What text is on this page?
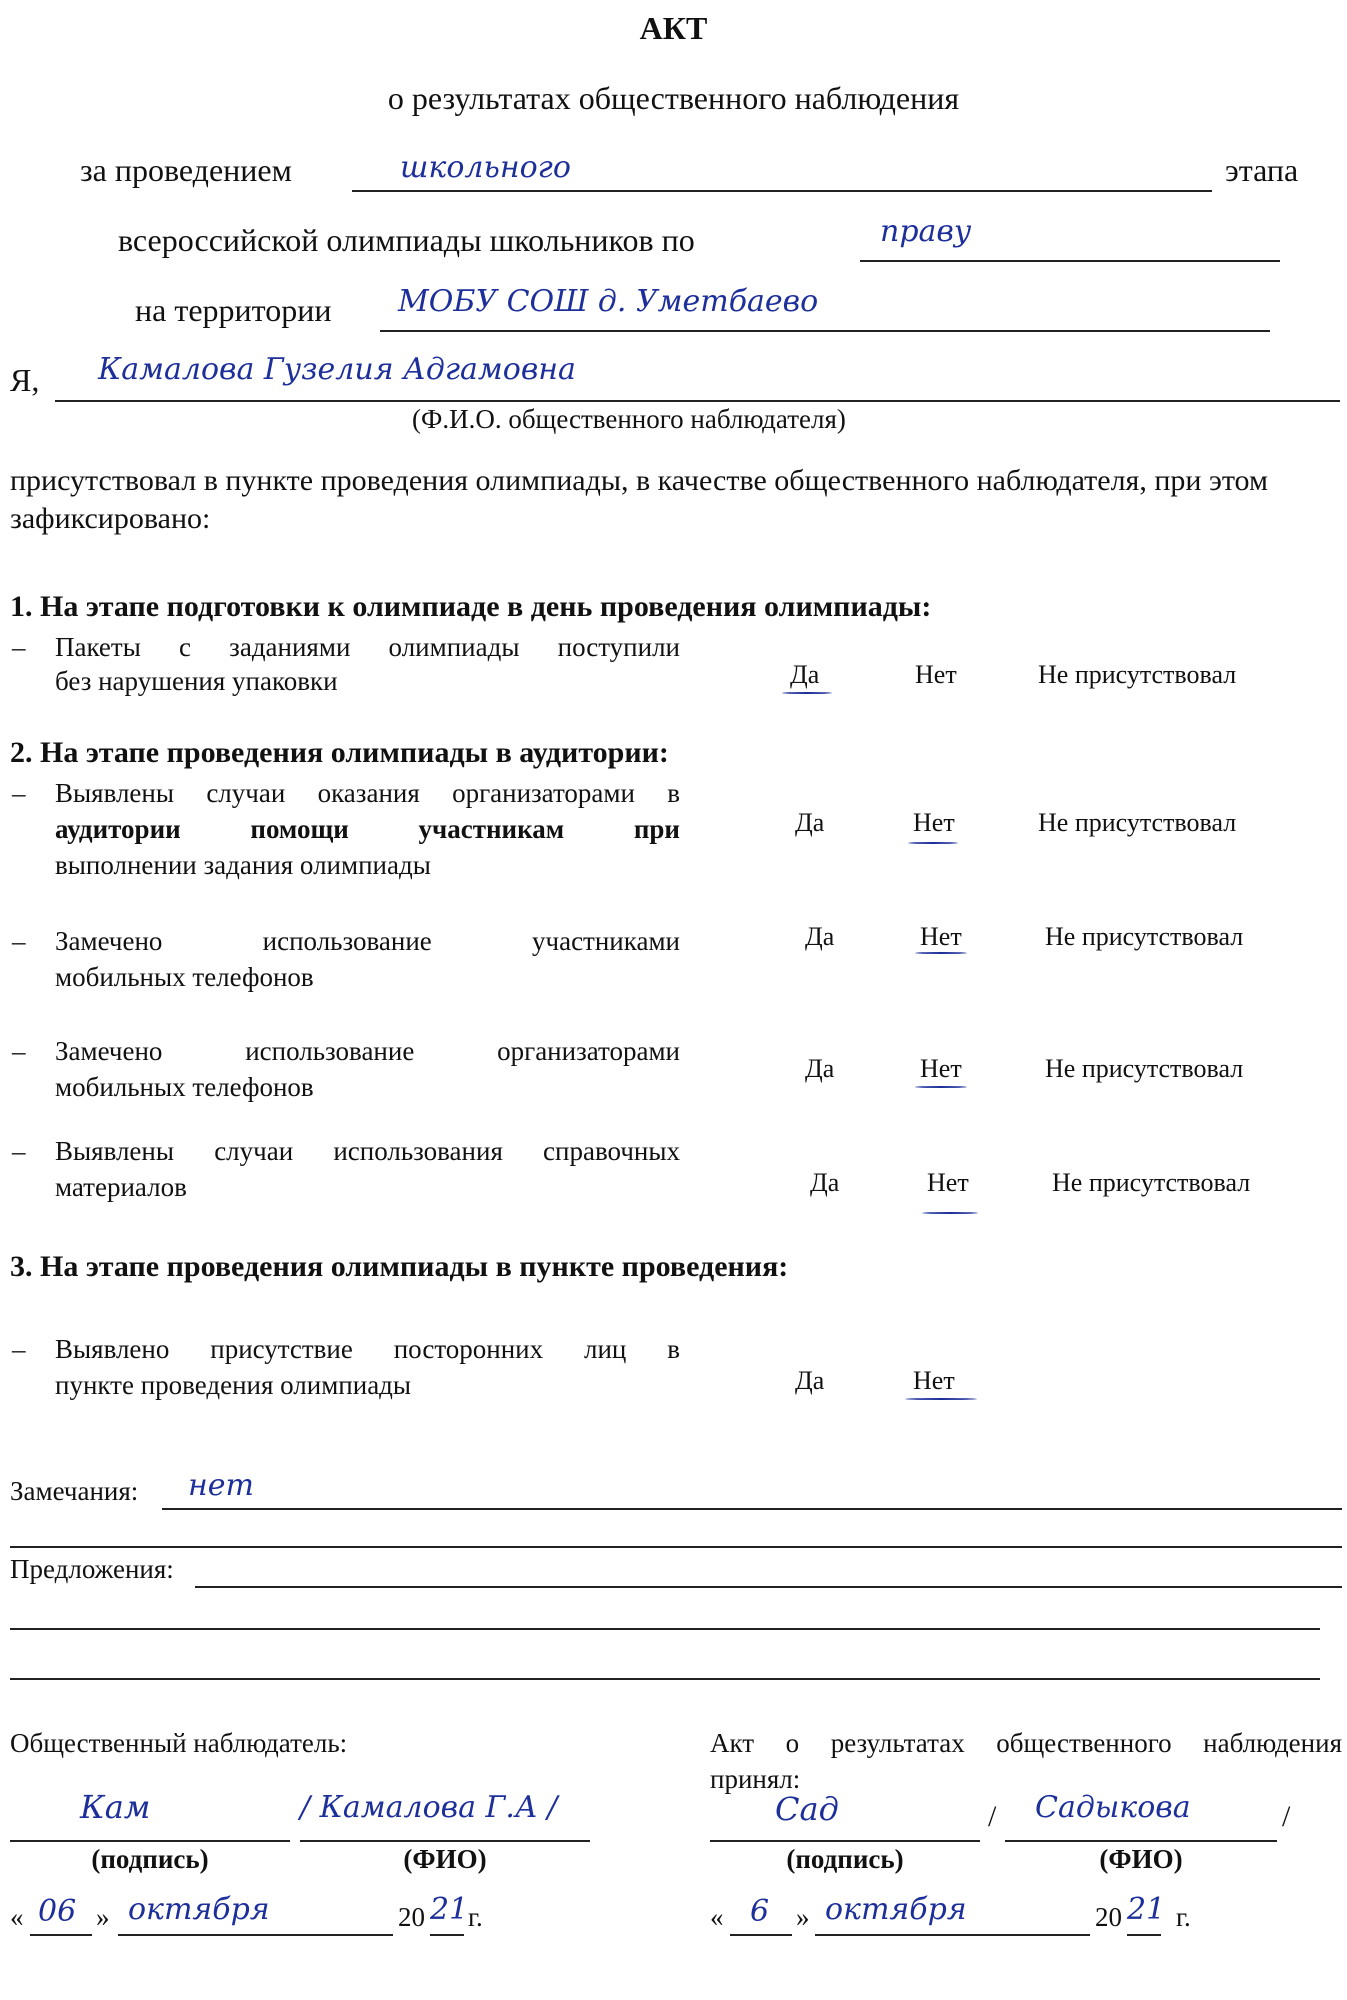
АКТ
о результатах общественного наблюдения
за проведением	школьного	этапа
всероссийской олимпиады школьников по	праву
на территории МОБУ СОШ д. Уметбаево
Я, Камалова Гузелия Адгамовна
(Ф.И.О. общественного наблюдателя)
присутствовал в пункте проведения олимпиады, в качестве общественного наблюдателя, при этом зафиксировано:
1. На этапе подготовки к олимпиаде в день проведения олимпиады:
– Пакеты с заданиями олимпиады поступили
без нарушения упаковки	Да	Нет	Не присутствовал
2. На этапе проведения олимпиады в аудитории:
– Выявлены случаи оказания организаторами в
аудитории помощи участникам при
выполнении задания олимпиады
Да	Нет	Не присутствовал
– Замечено использование участниками
мобильных телефонов
Да	Нет	Не присутствовал
– Замечено использование организаторами
мобильных телефонов
Да	Нет	Не присутствовал
– Выявлены случаи использования справочных
материалов	Да	Нет	Не присутствовал
3. На этапе проведения олимпиады в пункте проведения:
– Выявлено присутствие посторонних лиц в
пункте проведения олимпиады	Да	Нет
Замечания: нет
Предложения:
Общественный наблюдатель:
Кам	/ Камалова Г.А /
(подпись)	(ФИО)
« 06 » октября	20 21 г.
Акт о результатах общественного наблюдения
принял:
Сад	/ Садыкова	/
(подпись)	(ФИО)
« 6 » октября	20 21 г.
